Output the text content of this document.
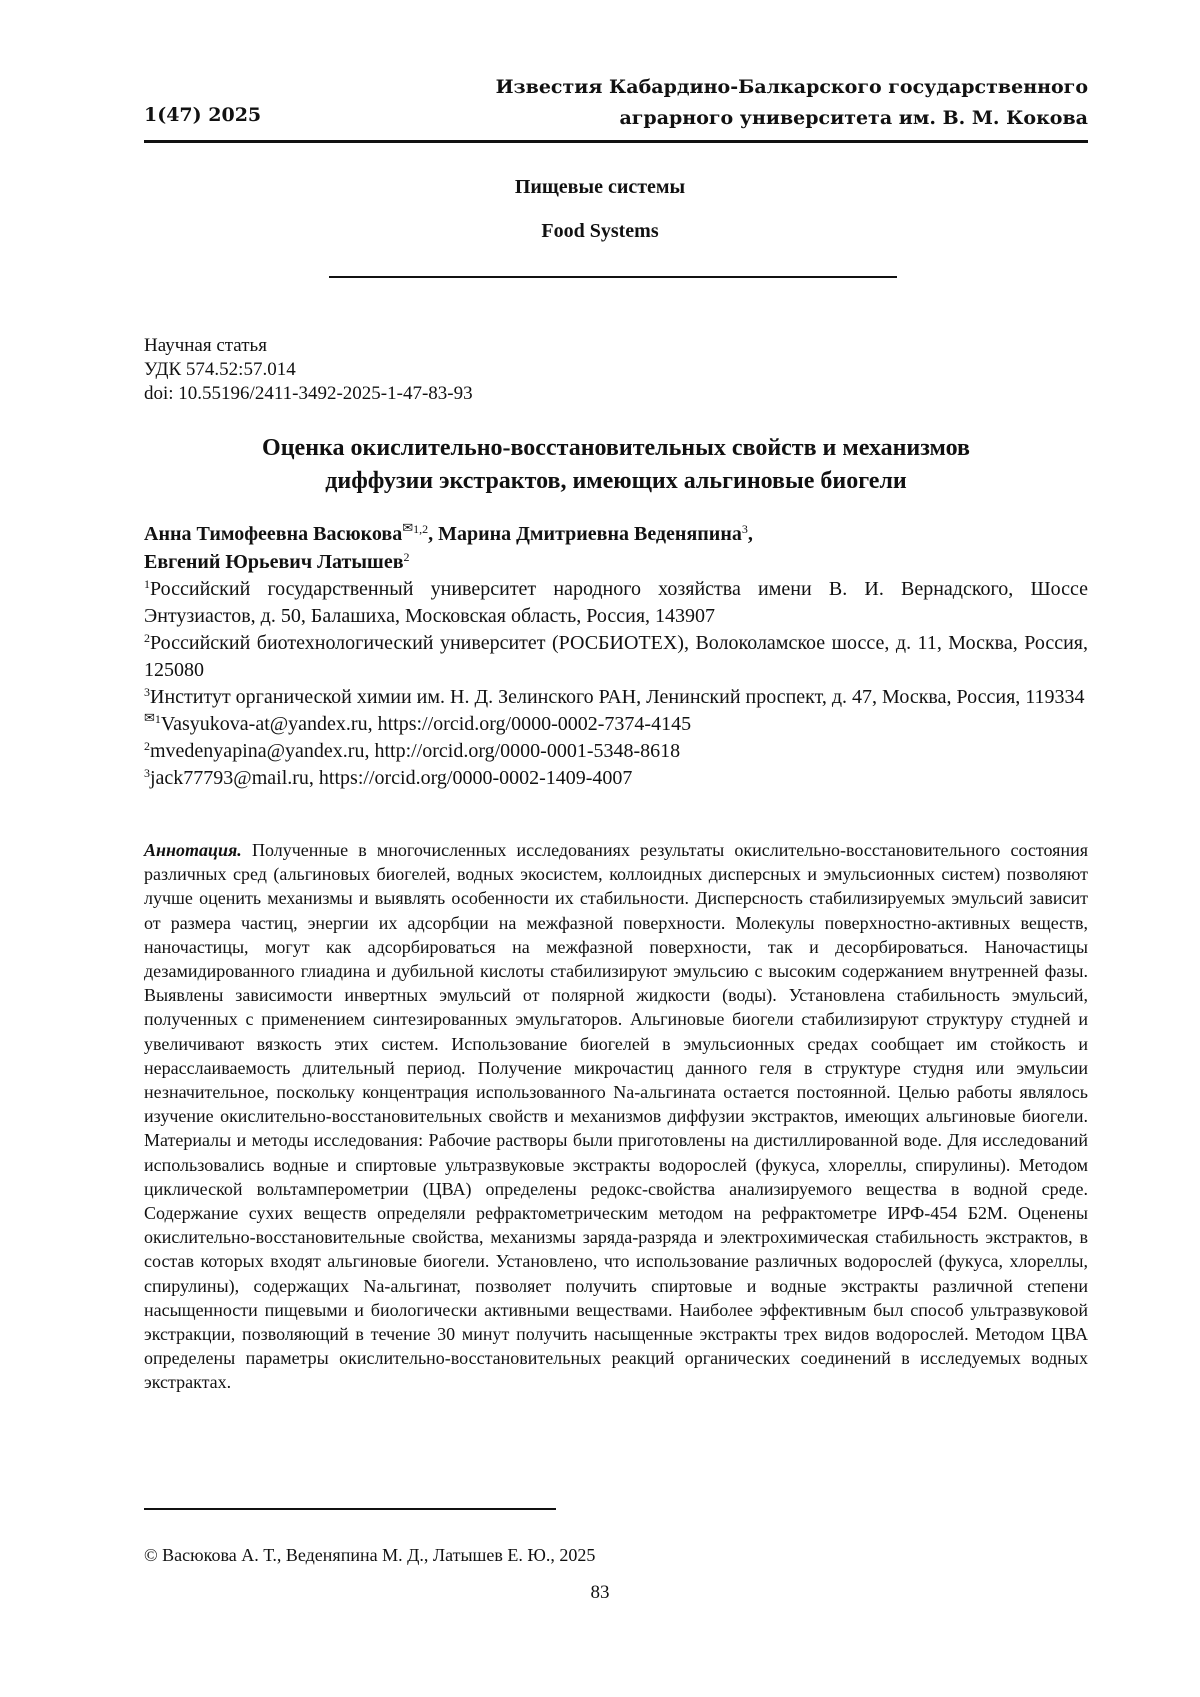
1(47) 2025
Известия Кабардино-Балкарского государственного
аграрного университета им. В. М. Кокова
Пищевые системы
Food Systems
Научная статья
УДК 574.52:57.014
doi: 10.55196/2411-3492-2025-1-47-83-93
Оценка окислительно-восстановительных свойств и механизмов
диффузии экстрактов, имеющих альгиновые биогели
Анна Тимофеевна Васюкова✉1,2, Марина Дмитриевна Веденяпина3,
Евгений Юрьевич Латышев2
1Российский государственный университет народного хозяйства имени В. И. Вернадского, Шоссе Энтузиастов, д. 50, Балашиха, Московская область, Россия, 143907
2Российский биотехнологический университет (РОСБИОТЕХ), Волоколамское шоссе, д. 11, Москва, Россия, 125080
3Институт органической химии им. Н. Д. Зелинского РАН, Ленинский проспект, д. 47, Москва, Россия, 119334
✉1Vasyukova-at@yandex.ru, https://orcid.org/0000-0002-7374-4145
2mvedenyapina@yandex.ru, http://orcid.org/0000-0001-5348-8618
3jack77793@mail.ru, https://orcid.org/0000-0002-1409-4007
Аннотация. Полученные в многочисленных исследованиях результаты окислительно-восстановительного состояния различных сред (альгиновых биогелей, водных экосистем, коллоидных дисперсных и эмульсионных систем) позволяют лучше оценить механизмы и выявлять особенности их стабильности. Дисперсность стабилизируемых эмульсий зависит от размера частиц, энергии их адсорбции на межфазной поверхности. Молекулы поверхностно-активных веществ, наночастицы, могут как адсорбироваться на межфазной поверхности, так и десорбироваться. Наночастицы дезамидированного глиадина и дубильной кислоты стабилизируют эмульсию с высоким содержанием внутренней фазы. Выявлены зависимости инвертных эмульсий от полярной жидкости (воды). Установлена стабильность эмульсий, полученных с применением синтезированных эмульгаторов. Альгиновые биогели стабилизируют структуру студней и увеличивают вязкость этих систем. Использование биогелей в эмульсионных средах сообщает им стойкость и нерасслаиваемость длительный период. Получение микрочастиц данного геля в структуре студня или эмульсии незначительное, поскольку концентрация использованного Na-альгината остается постоянной. Целью работы являлось изучение окислительно-восстановительных свойств и механизмов диффузии экстрактов, имеющих альгиновые биогели. Материалы и методы исследования: Рабочие растворы были приготовлены на дистиллированной воде. Для исследований использовались водные и спиртовые ультразвуковые экстракты водорослей (фукуса, хлореллы, спирулины). Методом циклической вольтамперометрии (ЦВА) определены редокс-свойства анализируемого вещества в водной среде. Содержание сухих веществ определяли рефрактометрическим методом на рефрактометре ИРФ-454 Б2М. Оценены окислительно-восстановительные свойства, механизмы заряда-разряда и электрохимическая стабильность экстрактов, в состав которых входят альгиновые биогели. Установлено, что использование различных водорослей (фукуса, хлореллы, спирулины), содержащих Na-альгинат, позволяет получить спиртовые и водные экстракты различной степени насыщенности пищевыми и биологически активными веществами. Наиболее эффективным был способ ультразвуковой экстракции, позволяющий в течение 30 минут получить насыщенные экстракты трех видов водорослей. Методом ЦВА определены параметры окислительно-восстановительных реакций органических соединений в исследуемых водных экстрактах.
© Васюкова А. Т., Веденяпина М. Д., Латышев Е. Ю., 2025
83
